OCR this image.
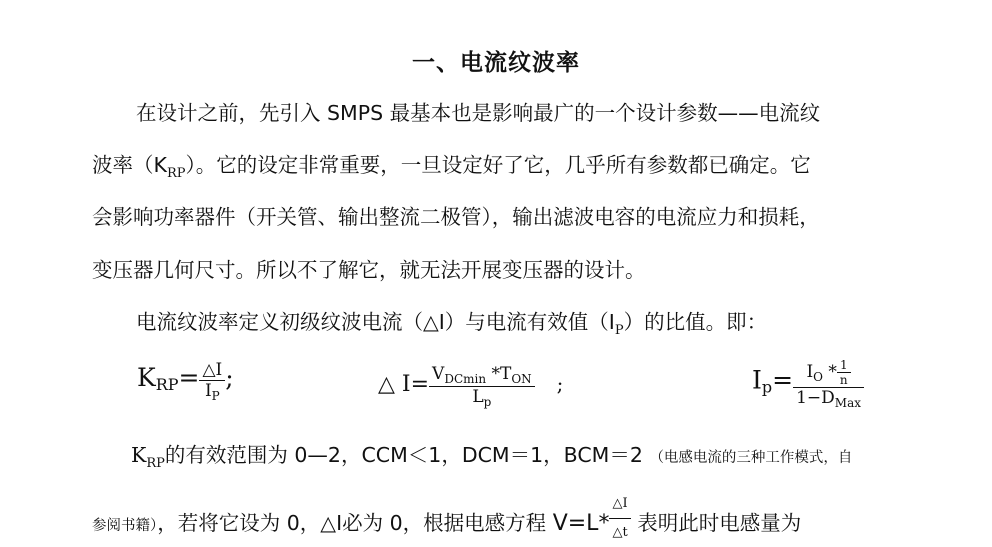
一、电流纹波率
在设计之前，先引入 SMPS 最基本也是影响最广的一个设计参数——电流纹
波率$(K_{RP})$。它的设定非常重要，一旦设定好了它，几乎所有参数都已确定。它
会影响功率器件（开关管、输出整流二极管），输出滤波电容的电流应力和损耗，
变压器几何尺寸。所以不了解它，就无法开展变压器的设计。
电流纹波率定义初级纹波电流（△I）与电流有效值$(I_P)$的比值。即：
$KRP= \frac{\triangle I}{I_P}$ ;	△ $I= \frac{V_{DCmin} *T_{ON}}{L_p}$ ;	$Ip= \frac{I_O * \frac{1}{n}}{1-D_{Max}}$
$K_{RP}$的有效范围为 0—2，CCM＜1，DCM＝1，BCM＝2 （电感电流的三种工作模式，自
参阅书籍），若将它设为 0，△I必为 0，根据电感方程 $V=L* \frac{\triangle I}{\triangle t}$ 表明此时电感量为
